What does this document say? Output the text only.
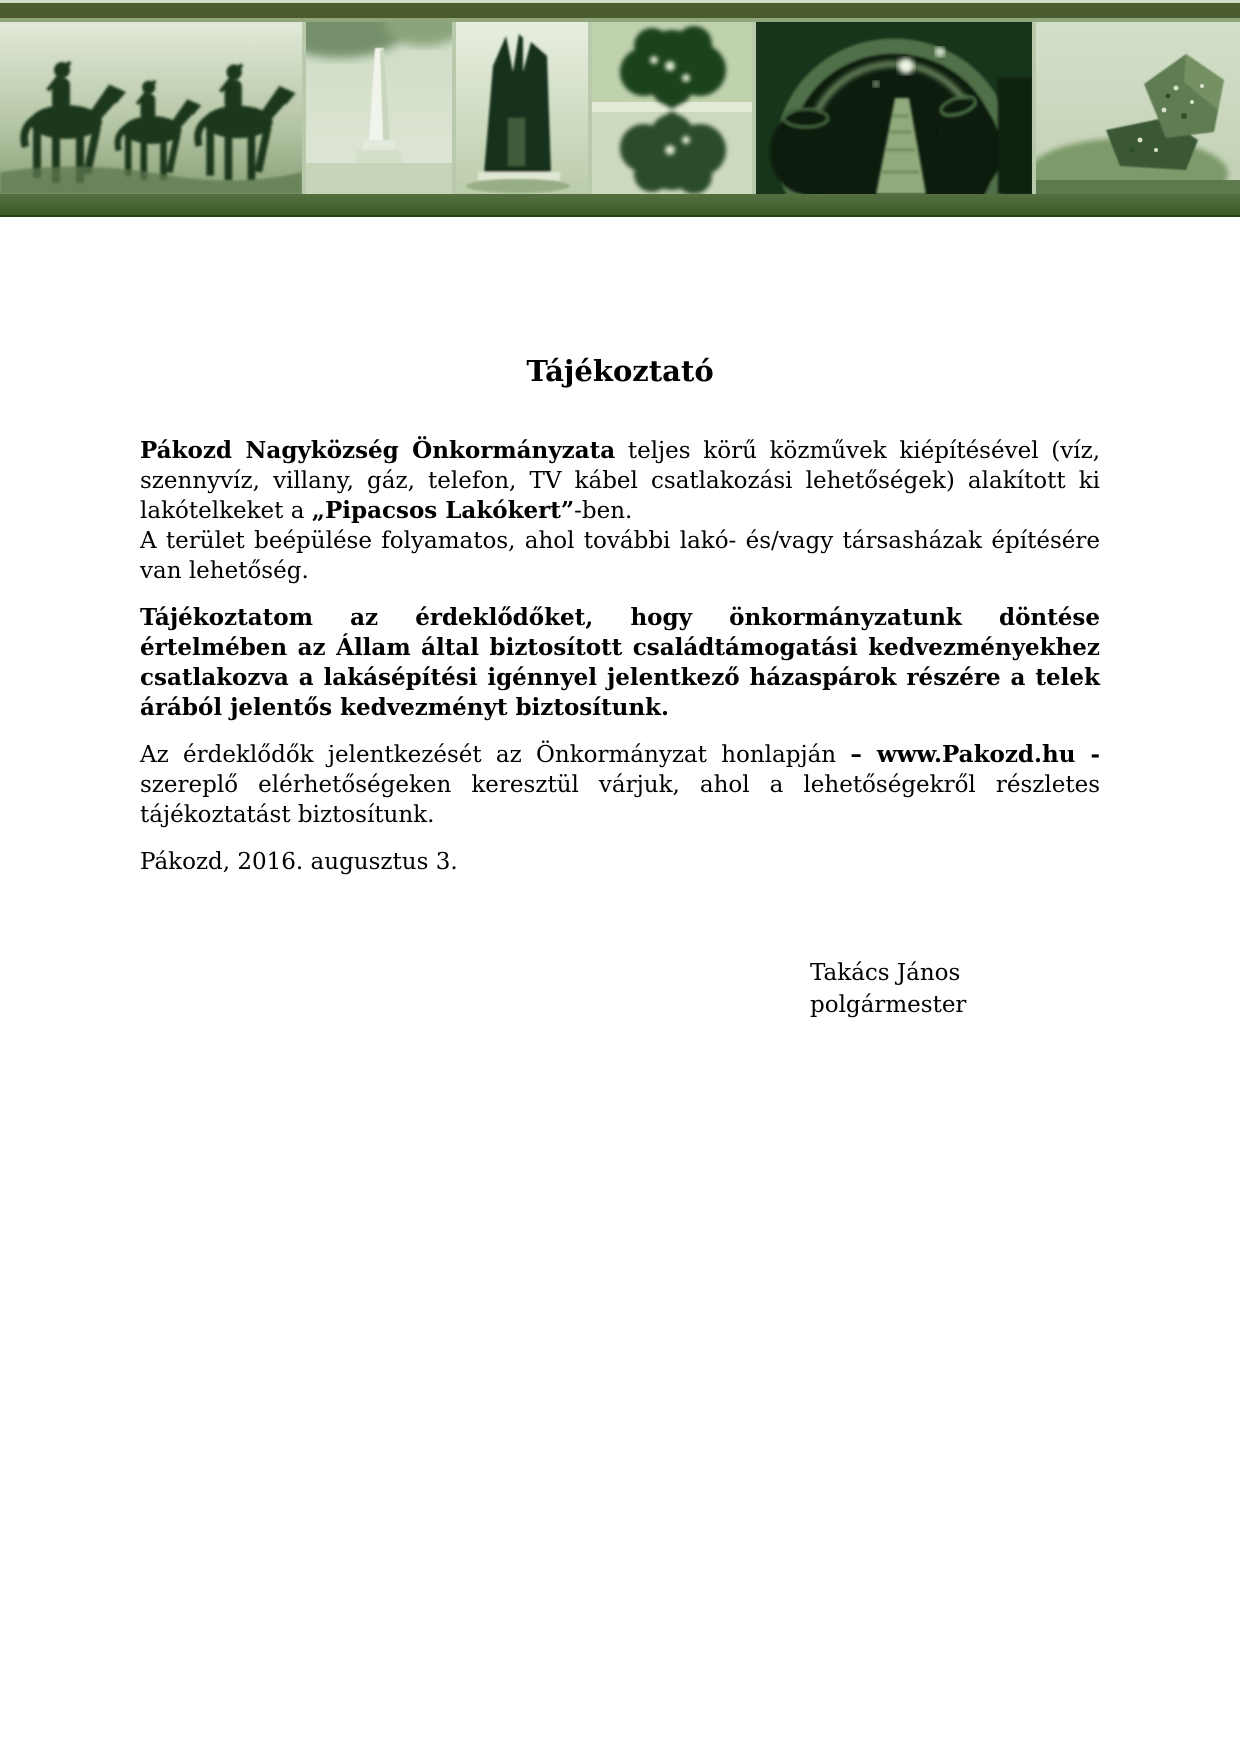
Tájékoztató

Pákozd Nagyközség Önkormányzata teljes körű közművek kiépítésével (víz, szennyvíz, villany, gáz, telefon, TV kábel csatlakozási lehetőségek) alakított ki lakótelkeket a „Pipacsos Lakókert”-ben.

A terület beépülése folyamatos, ahol további lakó- és/vagy társasházak építésére van lehetőség.

Tájékoztatom az érdeklődőket, hogy önkormányzatunk döntése értelmében az Állam által biztosított családtámogatási kedvezményekhez csatlakozva a lakásépítési igénnyel jelentkező házaspárok részére a telek árából jelentős kedvezményt biztosítunk.

Az érdeklődők jelentkezését az Önkormányzat honlapján – www.Pakozd.hu - szereplő elérhetőségeken keresztül várjuk, ahol a lehetőségekről részletes tájékoztatást biztosítunk.

Pákozd, 2016. augusztus 3.

Takács János
polgármester
